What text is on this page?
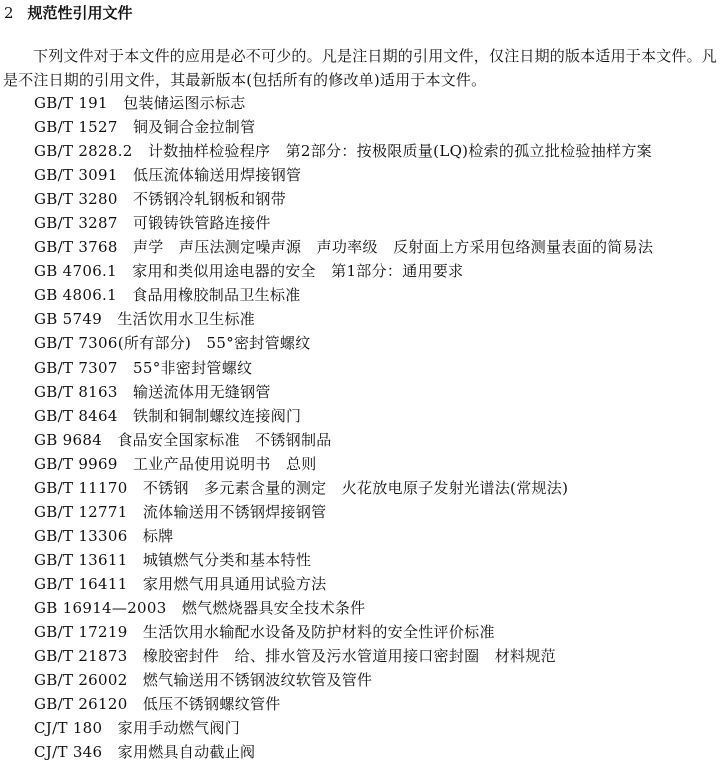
2 规范性引用文件
下列文件对于本文件的应用是必不可少的。凡是注日期的引用文件，仅注日期的版本适用于本文件。凡是不注日期的引用文件，其最新版本(包括所有的修改单)适用于本文件。
GB/T 191　包装储运图示标志
GB/T 1527　铜及铜合金拉制管
GB/T 2828.2　计数抽样检验程序　第2部分：按极限质量(LQ)检索的孤立批检验抽样方案
GB/T 3091　低压流体输送用焊接钢管
GB/T 3280　不锈钢冷轧钢板和钢带
GB/T 3287　可锻铸铁管路连接件
GB/T 3768　声学　声压法测定噪声源　声功率级　反射面上方采用包络测量表面的简易法
GB 4706.1　家用和类似用途电器的安全　第1部分：通用要求
GB 4806.1　食品用橡胶制品卫生标准
GB 5749　生活饮用水卫生标准
GB/T 7306(所有部分)　55°密封管螺纹
GB/T 7307　55°非密封管螺纹
GB/T 8163　输送流体用无缝钢管
GB/T 8464　铁制和铜制螺纹连接阀门
GB 9684　食品安全国家标准　不锈钢制品
GB/T 9969　工业产品使用说明书　总则
GB/T 11170　不锈钢　多元素含量的测定　火花放电原子发射光谱法(常规法)
GB/T 12771　流体输送用不锈钢焊接钢管
GB/T 13306　标牌
GB/T 13611　城镇燃气分类和基本特性
GB/T 16411　家用燃气用具通用试验方法
GB 16914—2003　燃气燃烧器具安全技术条件
GB/T 17219　生活饮用水输配水设备及防护材料的安全性评价标准
GB/T 21873　橡胶密封件　给、排水管及污水管道用接口密封圈　材料规范
GB/T 26002　燃气输送用不锈钢波纹软管及管件
GB/T 26120　低压不锈钢螺纹管件
CJ/T 180　家用手动燃气阀门
CJ/T 346　家用燃具自动截止阀
